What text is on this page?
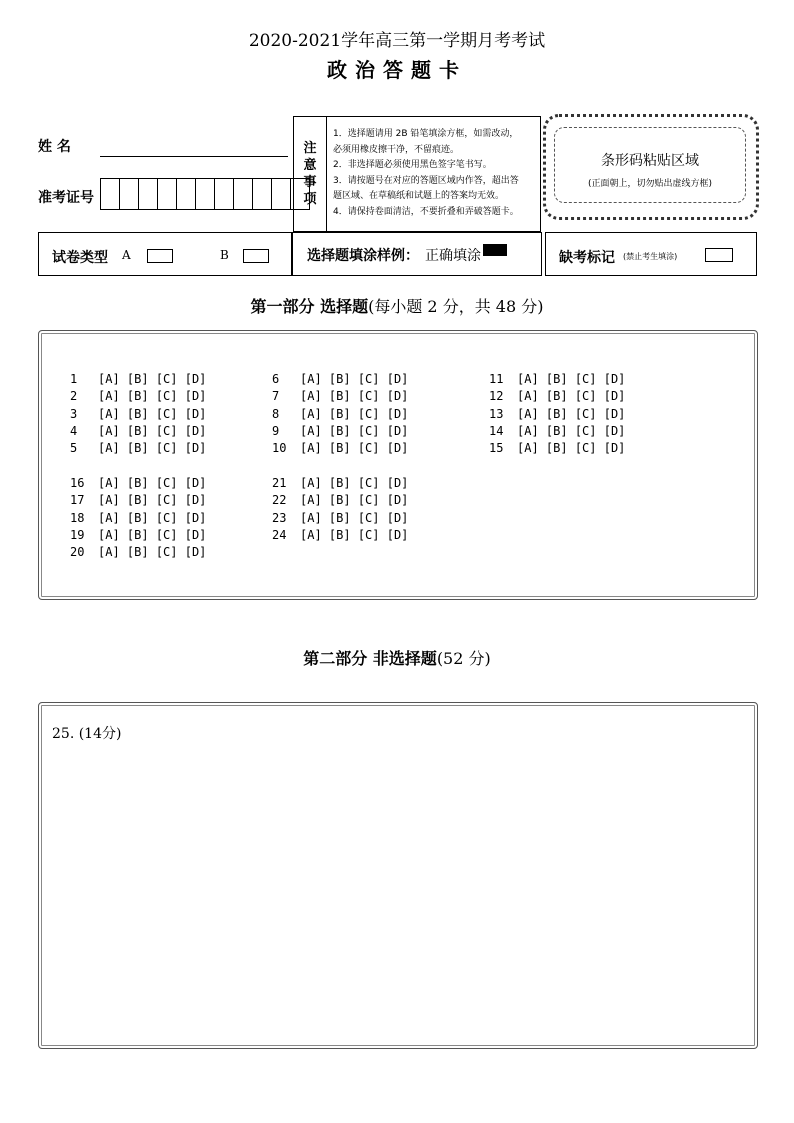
2020-2021学年高三第一学期月考考试
政治答题卡
姓 名
准考证号
注
意
事
项
1．选择题请用 2B 铅笔填涂方框，如需改动，
必须用橡皮擦干净，不留痕迹。
2．非选择题必须使用黑色签字笔书写。
3．请按题号在对应的答题区域内作答，超出答
题区域、在草稿纸和试题上的答案均无效。
4．请保持卷面清洁，不要折叠和弄破答题卡。
条形码粘贴区域
(正面朝上，切勿贴出虚线方框)
试卷类型 A	B	选择题填涂样例： 正确填涂	缺考标记 (禁止考生填涂)
第一部分 选择题(每小题 2 分，共 48 分)
1 [A] [B] [C] [D]
2 [A] [B] [C] [D]
3 [A] [B] [C] [D]
4 [A] [B] [C] [D]
5 [A] [B] [C] [D]
6 [A] [B] [C] [D]
7 [A] [B] [C] [D]
8 [A] [B] [C] [D]
9 [A] [B] [C] [D]
10 [A] [B] [C] [D]
11 [A] [B] [C] [D]
12 [A] [B] [C] [D]
13 [A] [B] [C] [D]
14 [A] [B] [C] [D]
15 [A] [B] [C] [D]
16 [A] [B] [C] [D]
17 [A] [B] [C] [D]
18 [A] [B] [C] [D]
19 [A] [B] [C] [D]
20 [A] [B] [C] [D]
21 [A] [B] [C] [D]
22 [A] [B] [C] [D]
23 [A] [B] [C] [D]
24 [A] [B] [C] [D]
第二部分 非选择题(52 分)
25. (14分)
